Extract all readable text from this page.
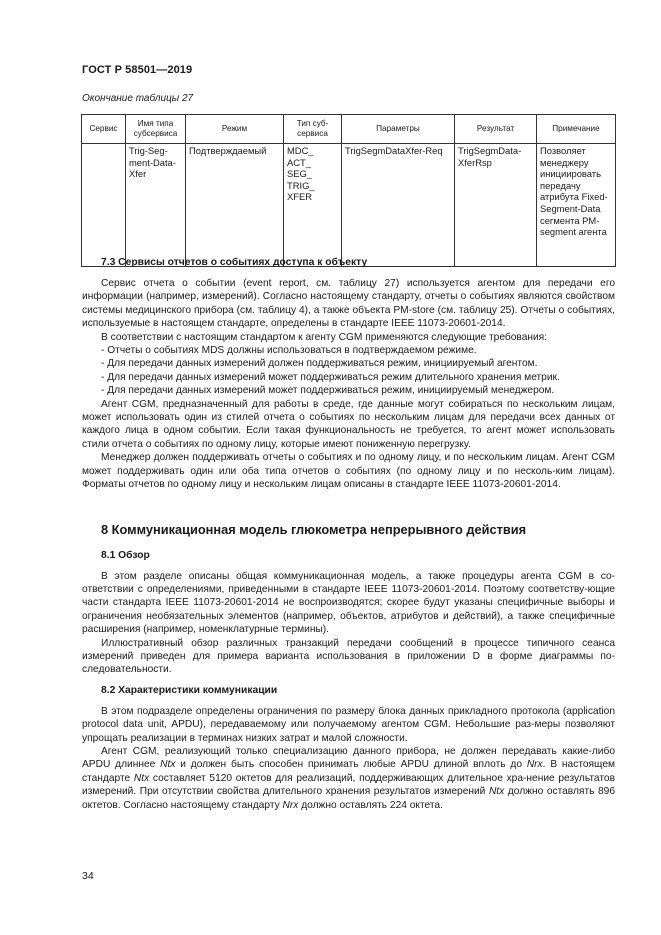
ГОСТ Р 58501—2019
Окончание таблицы 27
Сервис	Имя типа субсервиса	Режим	Тип суб-сервиса	Параметры	Результат	Примечание
	Trig-Seg-ment-Data-Xfer	Подтверждаемый	MDC_ ACT_ SEG_ TRIG_ XFER	TrigSegmDataXfer-Req	TrigSegmData-XferRsp	Позволяет менеджеру инициировать передачу атрибута Fixed-Segment-Data сегмента PM-segment агента
7.3 Сервисы отчетов о событиях доступа к объекту

Сервис отчета о событии (event report, см. таблицу 27) используется агентом для передачи его информации (например, измерений). Согласно настоящему стандарту, отчеты о событиях являются свойством системы медицинского прибора (см. таблицу 4), а также объекта PM-store (см. таблицу 25). Отчеты о событиях, используемые в настоящем стандарте, определены в стандарте IEEE 11073-20601-2014.

В соответствии с настоящим стандартом к агенту CGM применяются следующие требования:

- Отчеты о событиях MDS должны использоваться в подтверждаемом режиме.

- Для передачи данных измерений должен поддерживаться режим, инициируемый агентом.

- Для передачи данных измерений может поддерживаться режим длительного хранения метрик.

- Для передачи данных измерений может поддерживаться режим, инициируемый менеджером.

Агент CGM, предназначенный для работы в среде, где данные могут собираться по нескольким лицам, может использовать один из стилей отчета о событиях по нескольким лицам для передачи всех данных от каждого лица в одном событии. Если такая функциональность не требуется, то агент может использовать стили отчета о событиях по одному лицу, которые имеют пониженную перегрузку.

Менеджер должен поддерживать отчеты о событиях и по одному лицу, и по нескольким лицам. Агент CGM может поддерживать один или оба типа отчетов о событиях (по одному лицу и по несколь-ким лицам). Форматы отчетов по одному лицу и нескольким лицам описаны в стандарте IEEE 11073-20601-2014.

8 Коммуникационная модель глюкометра непрерывного действия
8.1 Обзор

В этом разделе описаны общая коммуникационная модель, а также процедуры агента CGM в со-ответствии с определениями, приведенными в стандарте IEEE 11073-20601-2014. Поэтому соответству-ющие части стандарта IEEE 11073-20601-2014 не воспроизводятся; скорее будут указаны специфичные выборы и ограничения необязательных элементов (например, объектов, атрибутов и действий), а также специфичные расширения (например, номенклатурные термины).

Иллюстративный обзор различных транзакций передачи сообщений в процессе типичного сеанса измерений приведен для примера варианта использования в приложении D в форме диаграммы по-следовательности.

8.2 Характеристики коммуникации

В этом подразделе определены ограничения по размеру блока данных прикладного протокола (application protocol data unit, APDU), передаваемому или получаемому агентом CGM. Небольшие раз-меры позволяют упрощать реализации в терминах низких затрат и малой сложности.

Агент CGM, реализующий только специализацию данного прибора, не должен передавать какие-либо APDU длиннее Ntx и должен быть способен принимать любые APDU длиной вплоть до Nrx. В настоящем стандарте Ntx составляет 5120 октетов для реализаций, поддерживающих длительное хра-нение результатов измерений. При отсутствии свойства длительного хранения результатов измерений Ntx должно оставлять 896 октетов. Согласно настоящему стандарту Nrx должно оставлять 224 октета.

34
